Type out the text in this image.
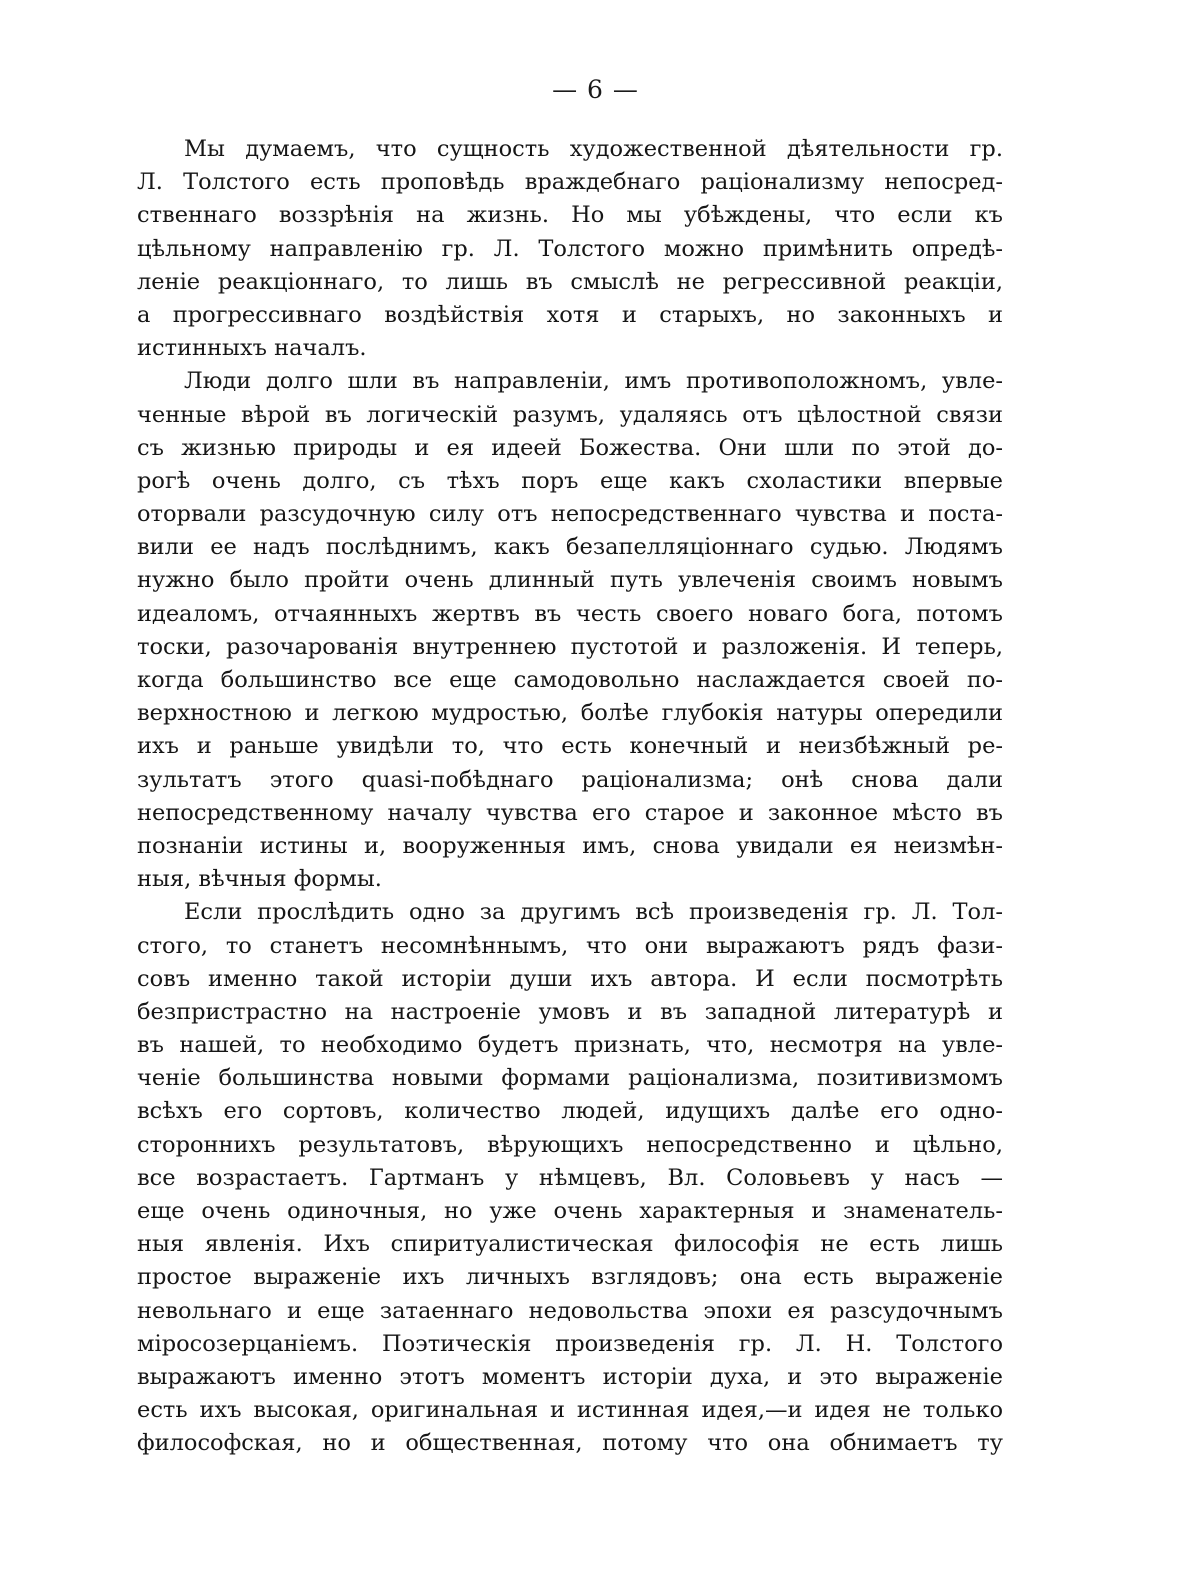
— 6 —
Мы думаемъ, что сущность художественной дѣятельности гр.
Л. Толстого есть проповѣдь враждебнаго раціонализму непосред-
ственнаго воззрѣнія на жизнь. Но мы убѣждены, что если къ
цѣльному направленію гр. Л. Толстого можно примѣнить опредѣ-
леніе реакціоннаго, то лишь въ смыслѣ не регрессивной реакціи,
а прогрессивнаго воздѣйствія хотя и старыхъ, но законныхъ и
истинныхъ началъ.
Люди долго шли въ направленіи, имъ противоположномъ, увле-
ченные вѣрой въ логическій разумъ, удаляясь отъ цѣлостной связи
съ жизнью природы и ея идеей Божества. Они шли по этой до-
рогѣ очень долго, съ тѣхъ поръ еще какъ схоластики впервые
оторвали разсудочную силу отъ непосредственнаго чувства и поста-
вили ее надъ послѣднимъ, какъ безапелляціоннаго судью. Людямъ
нужно было пройти очень длинный путь увлеченія своимъ новымъ
идеаломъ, отчаянныхъ жертвъ въ честь своего новаго бога, потомъ
тоски, разочарованія внутреннею пустотой и разложенія. И теперь,
когда большинство все еще самодовольно наслаждается своей по-
верхностною и легкою мудростью, болѣе глубокія натуры опередили
ихъ и раньше увидѣли то, что есть конечный и неизбѣжный ре-
зультатъ этого quasi-побѣднаго раціонализма; онѣ снова дали
непосредственному началу чувства его старое и законное мѣсто въ
познаніи истины и, вооруженныя имъ, снова увидали ея неизмѣн-
ныя, вѣчныя формы.
Если прослѣдить одно за другимъ всѣ произведенія гр. Л. Тол-
стого, то станетъ несомнѣннымъ, что они выражаютъ рядъ фази-
совъ именно такой исторіи души ихъ автора. И если посмотрѣть
безпристрастно на настроеніе умовъ и въ западной литературѣ и
въ нашей, то необходимо будетъ признать, что, несмотря на увле-
ченіе большинства новыми формами раціонализма, позитивизмомъ
всѣхъ его сортовъ, количество людей, идущихъ далѣе его одно-
стороннихъ результатовъ, вѣрующихъ непосредственно и цѣльно,
все возрастаетъ. Гартманъ у нѣмцевъ, Вл. Соловьевъ у насъ —
еще очень одиночныя, но уже очень характерныя и знаменатель-
ныя явленія. Ихъ спиритуалистическая философія не есть лишь
простое выраженіе ихъ личныхъ взглядовъ; она есть выраженіе
невольнаго и еще затаеннаго недовольства эпохи ея разсудочнымъ
міросозерцаніемъ. Поэтическія произведенія гр. Л. Н. Толстого
выражаютъ именно этотъ моментъ исторіи духа, и это выраженіе
есть ихъ высокая, оригинальная и истинная идея,—и идея не только
философская, но и общественная, потому что она обнимаетъ ту
